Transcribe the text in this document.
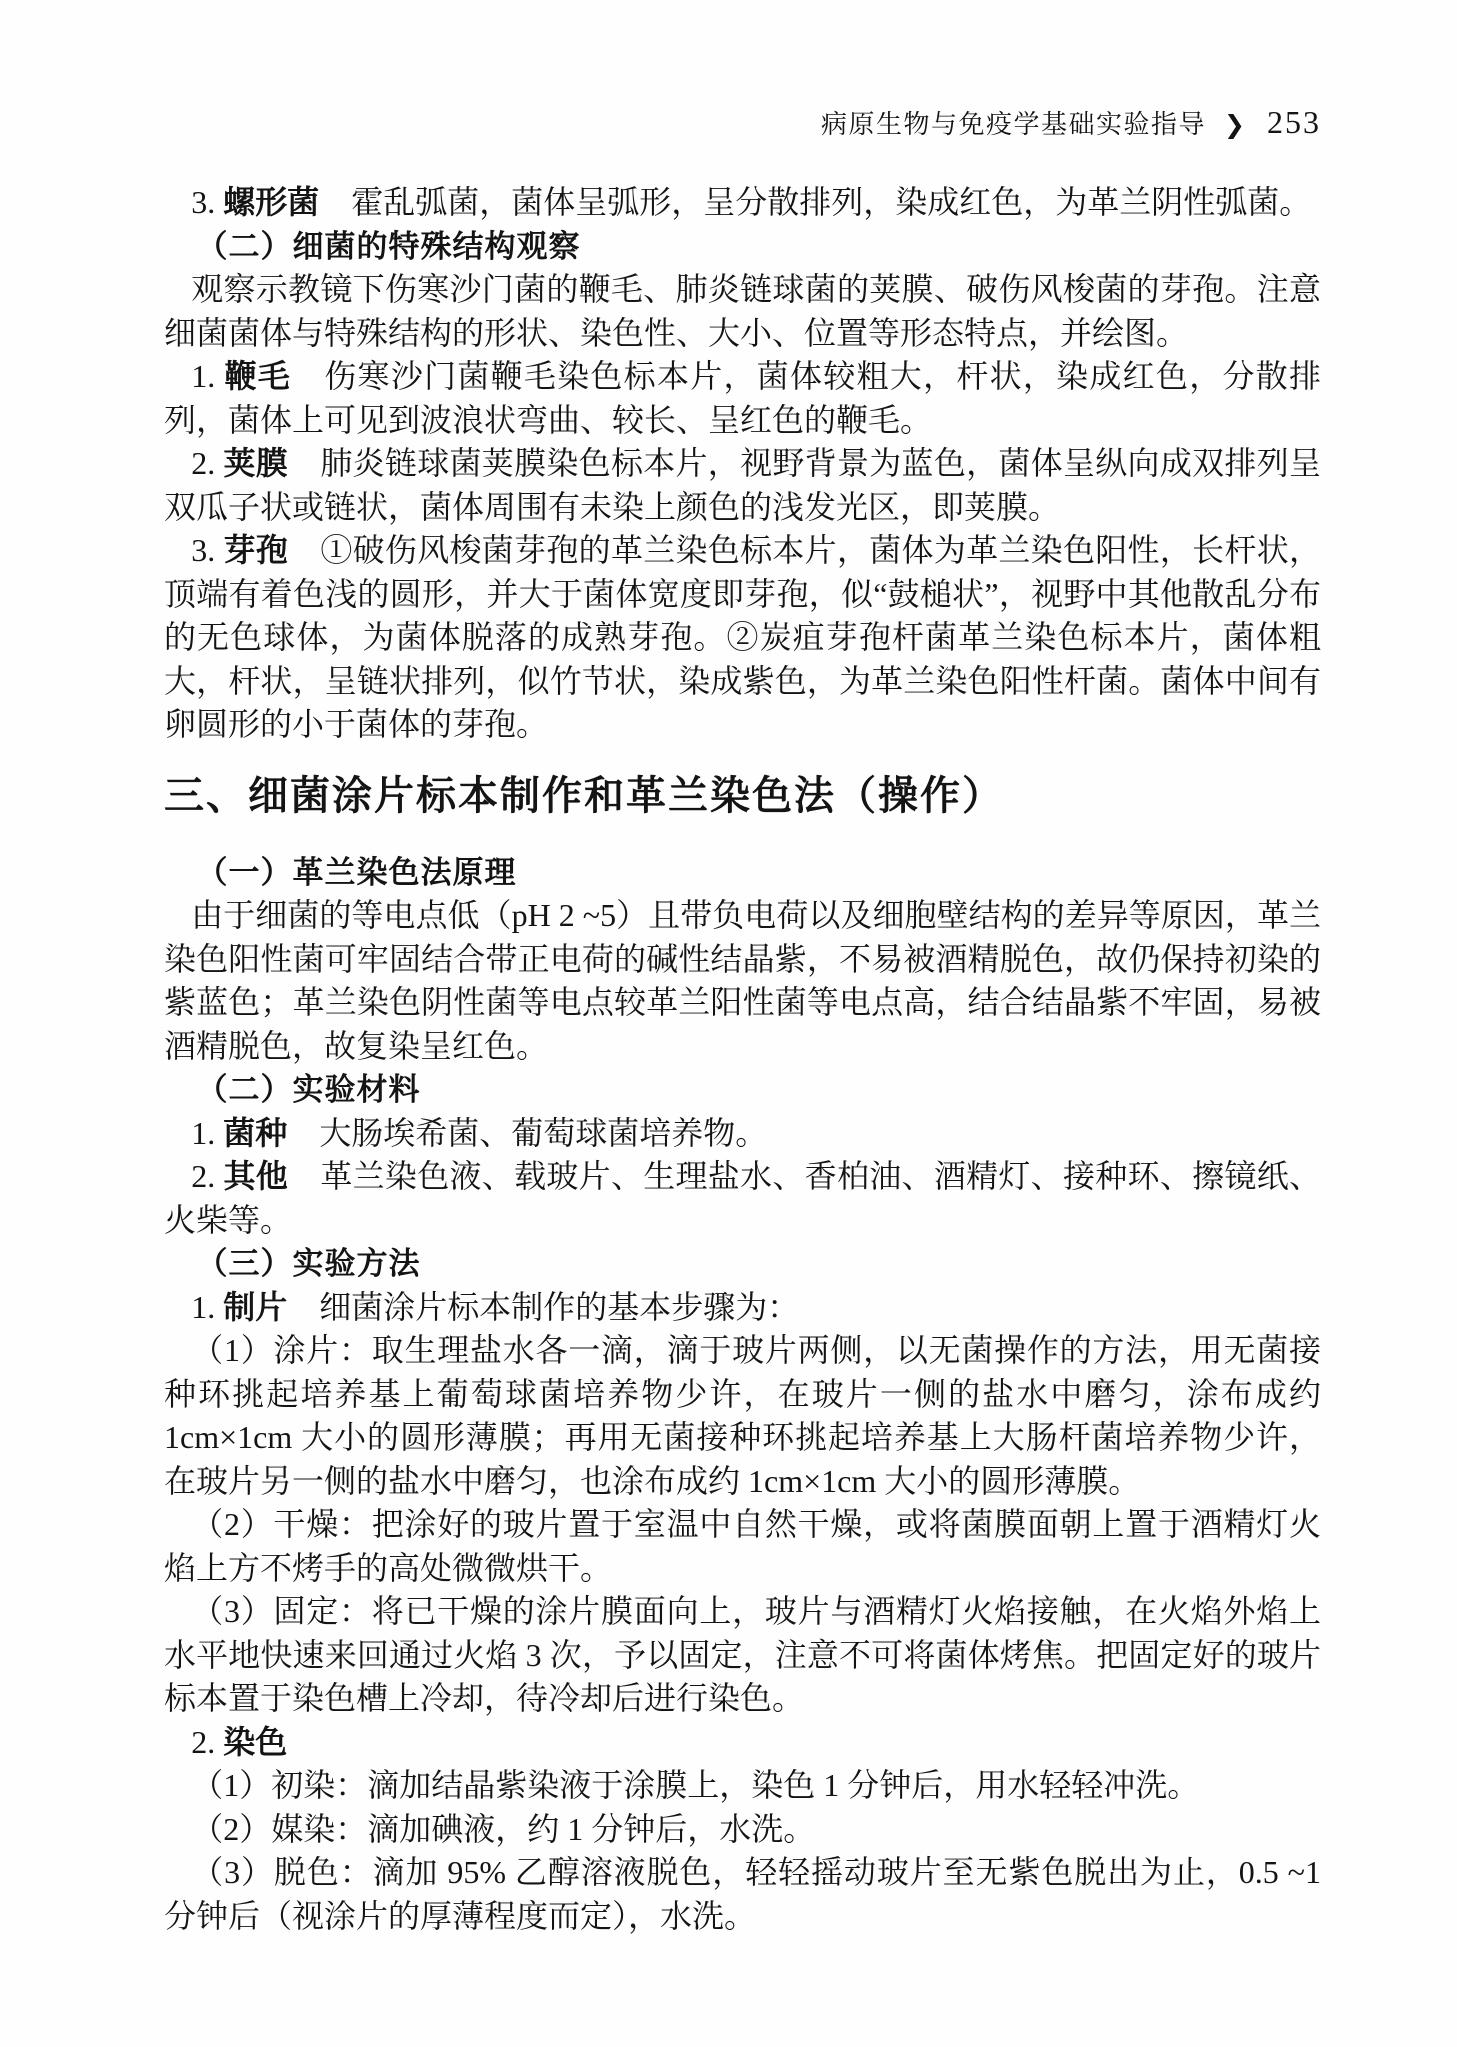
病原生物与免疫学基础实验指导 ❯ 253

3. 螺形菌　霍乱弧菌，菌体呈弧形，呈分散排列，染成红色，为革兰阴性弧菌。

（二）细菌的特殊结构观察

观察示教镜下伤寒沙门菌的鞭毛、肺炎链球菌的荚膜、破伤风梭菌的芽孢。注意细菌菌体与特殊结构的形状、染色性、大小、位置等形态特点，并绘图。

1. 鞭毛　伤寒沙门菌鞭毛染色标本片，菌体较粗大，杆状，染成红色，分散排列，菌体上可见到波浪状弯曲、较长、呈红色的鞭毛。

2. 荚膜　肺炎链球菌荚膜染色标本片，视野背景为蓝色，菌体呈纵向成双排列呈双瓜子状或链状，菌体周围有未染上颜色的浅发光区，即荚膜。

3. 芽孢　①破伤风梭菌芽孢的革兰染色标本片，菌体为革兰染色阳性，长杆状，顶端有着色浅的圆形，并大于菌体宽度即芽孢，似“鼓槌状”，视野中其他散乱分布的无色球体，为菌体脱落的成熟芽孢。②炭疽芽孢杆菌革兰染色标本片，菌体粗大，杆状，呈链状排列，似竹节状，染成紫色，为革兰染色阳性杆菌。菌体中间有卵圆形的小于菌体的芽孢。

三、细菌涂片标本制作和革兰染色法（操作）
（一）革兰染色法原理

由于细菌的等电点低（pH 2 ~5）且带负电荷以及细胞壁结构的差异等原因，革兰染色阳性菌可牢固结合带正电荷的碱性结晶紫，不易被酒精脱色，故仍保持初染的紫蓝色；革兰染色阴性菌等电点较革兰阳性菌等电点高，结合结晶紫不牢固，易被酒精脱色，故复染呈红色。

（二）实验材料

1. 菌种　大肠埃希菌、葡萄球菌培养物。

2. 其他　革兰染色液、载玻片、生理盐水、香柏油、酒精灯、接种环、擦镜纸、火柴等。

（三）实验方法

1. 制片　细菌涂片标本制作的基本步骤为：

（1）涂片：取生理盐水各一滴，滴于玻片两侧，以无菌操作的方法，用无菌接种环挑起培养基上葡萄球菌培养物少许，在玻片一侧的盐水中磨匀，涂布成约 1cm×1cm 大小的圆形薄膜；再用无菌接种环挑起培养基上大肠杆菌培养物少许，在玻片另一侧的盐水中磨匀，也涂布成约 1cm×1cm 大小的圆形薄膜。

（2）干燥：把涂好的玻片置于室温中自然干燥，或将菌膜面朝上置于酒精灯火焰上方不烤手的高处微微烘干。

（3）固定：将已干燥的涂片膜面向上，玻片与酒精灯火焰接触，在火焰外焰上水平地快速来回通过火焰 3 次，予以固定，注意不可将菌体烤焦。把固定好的玻片标本置于染色槽上冷却，待冷却后进行染色。

2. 染色

（1）初染：滴加结晶紫染液于涂膜上，染色 1 分钟后，用水轻轻冲洗。

（2）媒染：滴加碘液，约 1 分钟后，水洗。

（3）脱色：滴加 95% 乙醇溶液脱色，轻轻摇动玻片至无紫色脱出为止，0.5 ~1 分钟后（视涂片的厚薄程度而定），水洗。
